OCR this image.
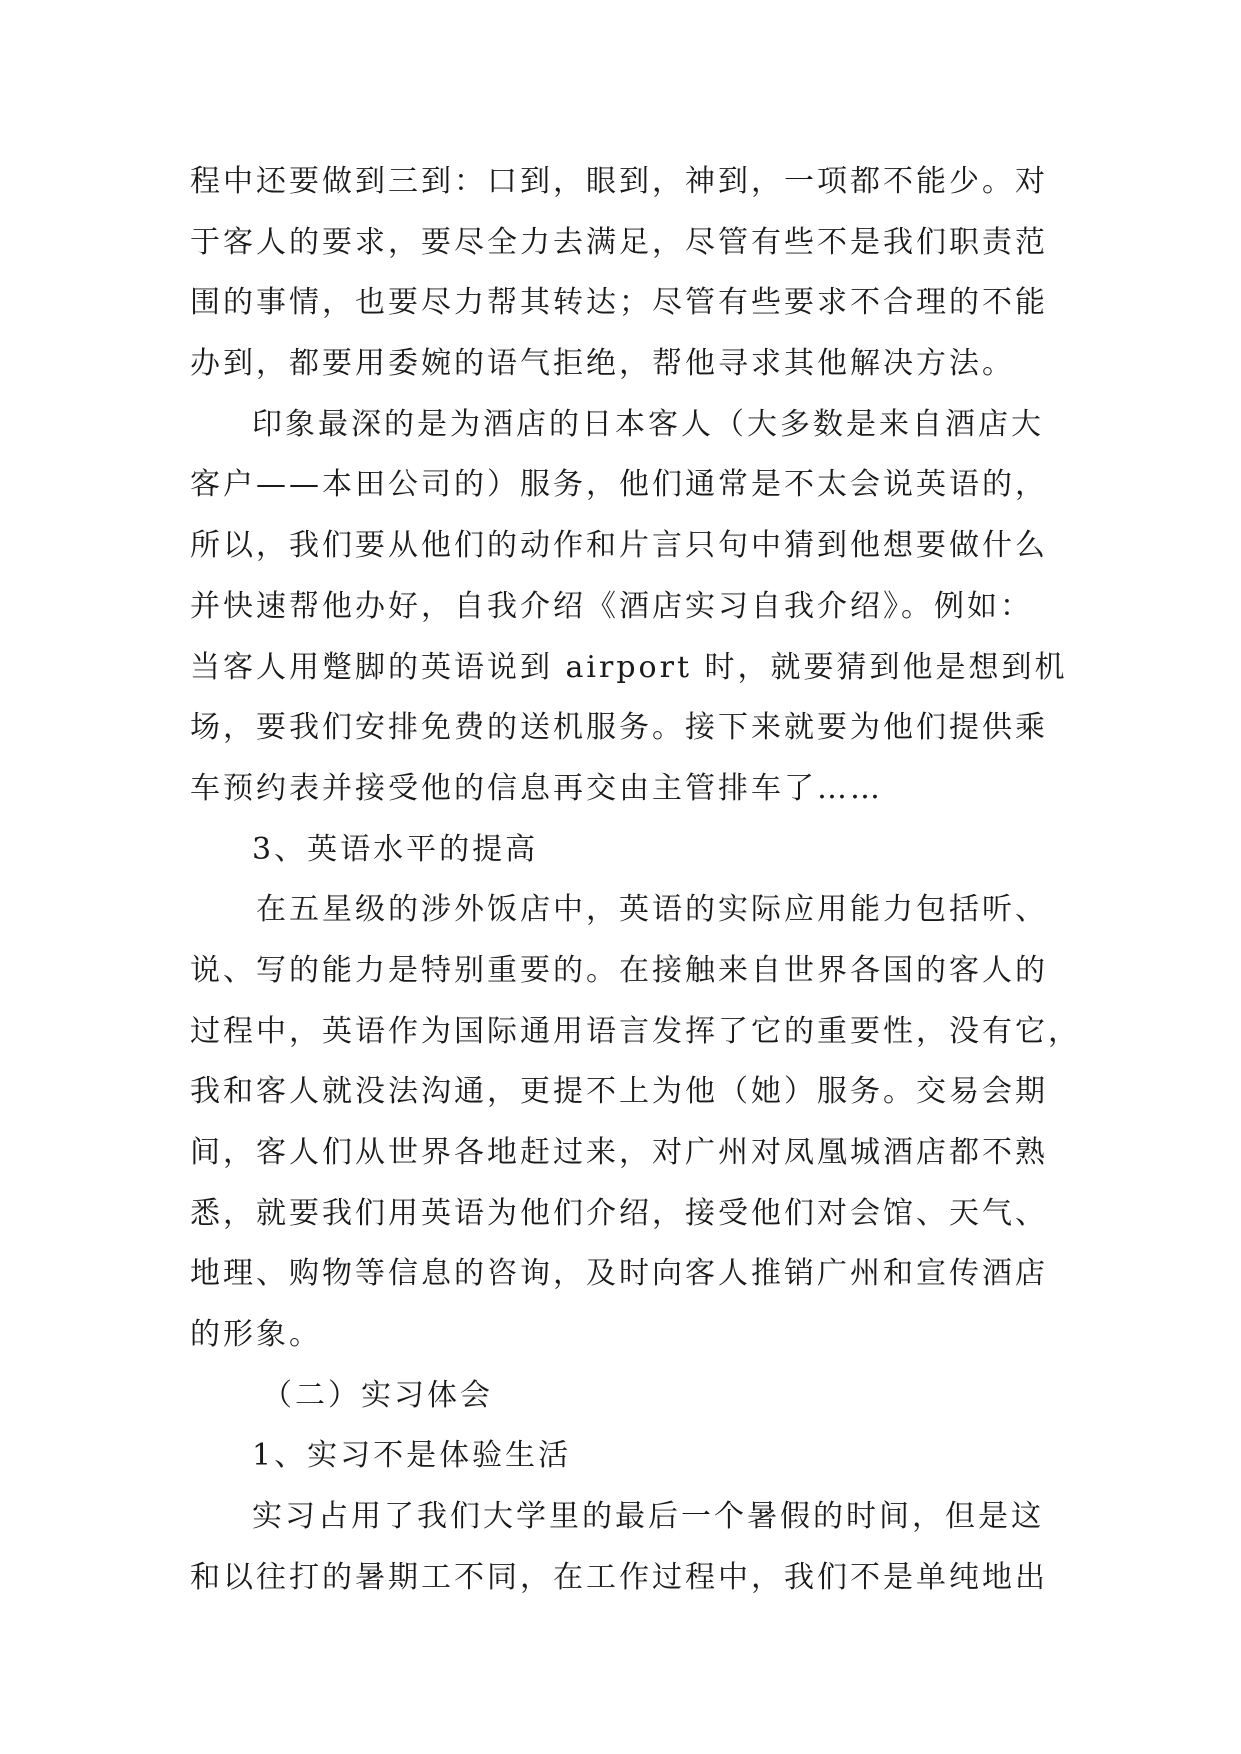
程中还要做到三到：口到，眼到，神到，一项都不能少。对
于客人的要求，要尽全力去满足，尽管有些不是我们职责范
围的事情，也要尽力帮其转达；尽管有些要求不合理的不能
办到，都要用委婉的语气拒绝，帮他寻求其他解决方法。
印象最深的是为酒店的日本客人（大多数是来自酒店大
客户——本田公司的）服务，他们通常是不太会说英语的，
所以，我们要从他们的动作和片言只句中猜到他想要做什么
并快速帮他办好，自我介绍《酒店实习自我介绍》。例如：
当客人用蹩脚的英语说到 airport 时，就要猜到他是想到机
场，要我们安排免费的送机服务。接下来就要为他们提供乘
车预约表并接受他的信息再交由主管排车了……
3、英语水平的提高
在五星级的涉外饭店中，英语的实际应用能力包括听、
说、写的能力是特别重要的。在接触来自世界各国的客人的
过程中，英语作为国际通用语言发挥了它的重要性，没有它，
我和客人就没法沟通，更提不上为他（她）服务。交易会期
间，客人们从世界各地赶过来，对广州对凤凰城酒店都不熟
悉，就要我们用英语为他们介绍，接受他们对会馆、天气、
地理、购物等信息的咨询，及时向客人推销广州和宣传酒店
的形象。
（二）实习体会
1、实习不是体验生活
实习占用了我们大学里的最后一个暑假的时间，但是这
和以往打的暑期工不同，在工作过程中，我们不是单纯地出
